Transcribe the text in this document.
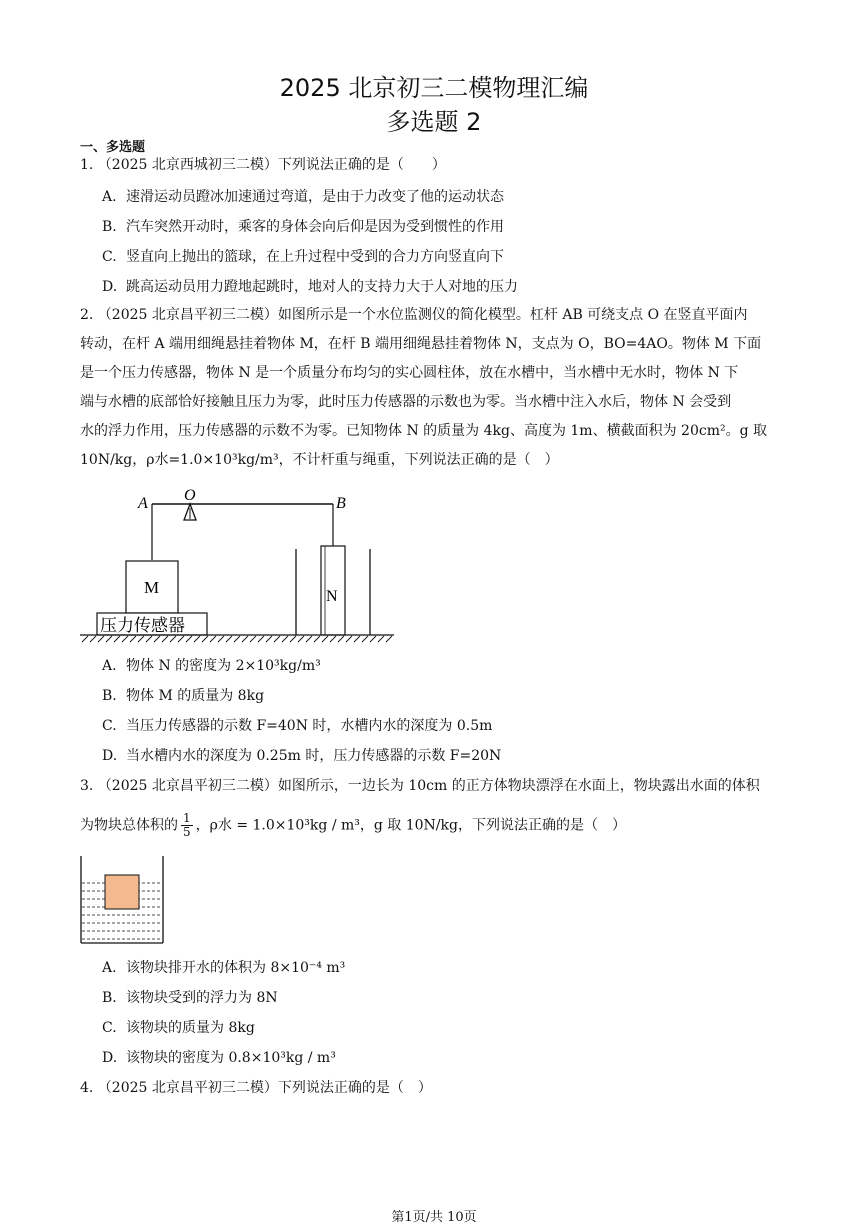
2025 北京初三二模物理汇编
多选题 2
一、多选题
1. （2025 北京西城初三二模）下列说法正确的是（　　）
A. 速滑运动员蹬冰加速通过弯道，是由于力改变了他的运动状态
B. 汽车突然开动时，乘客的身体会向后仰是因为受到惯性的作用
C. 竖直向上抛出的篮球，在上升过程中受到的合力方向竖直向下
D. 跳高运动员用力蹬地起跳时，地对人的支持力大于人对地的压力
2. （2025 北京昌平初三二模）如图所示是一个水位监测仪的简化模型。杠杆 AB 可绕支点 O 在竖直平面内
转动，在杆 A 端用细绳悬挂着物体 M，在杆 B 端用细绳悬挂着物体 N，支点为 O，BO=4AO。物体 M 下面
是一个压力传感器，物体 N 是一个质量分布均匀的实心圆柱体，放在水槽中，当水槽中无水时，物体 N 下
端与水槽的底部恰好接触且压力为零，此时压力传感器的示数也为零。当水槽中注入水后，物体 N 会受到
水的浮力作用，压力传感器的示数不为零。已知物体 N 的质量为 4kg、高度为 1m、横截面积为 20cm²。g 取
10N/kg，ρ水=1.0×10³kg/m³，不计杆重与绳重，下列说法正确的是（　）
A O	B
M
压力传感器
N
A. 物体 N 的密度为 2×10³kg/m³
B. 物体 M 的质量为 8kg
C. 当压力传感器的示数 F=40N 时，水槽内水的深度为 0.5m
D. 当水槽内水的深度为 0.25m 时，压力传感器的示数 F=20N
3. （2025 北京昌平初三二模）如图所示，一边长为 10cm 的正方体物块漂浮在水面上，物块露出水面的体积
为物块总体积的 $\frac{1}{5}$ ，ρ水 = 1.0×10³kg / m³，g 取 10N/kg，下列说法正确的是（　）
A. 该物块排开水的体积为 8×10⁻⁴ m³
B. 该物块受到的浮力为 8N
C. 该物块的质量为 8kg
D. 该物块的密度为 0.8×10³kg / m³
4. （2025 北京昌平初三二模）下列说法正确的是（　）
第1页/共 10页
